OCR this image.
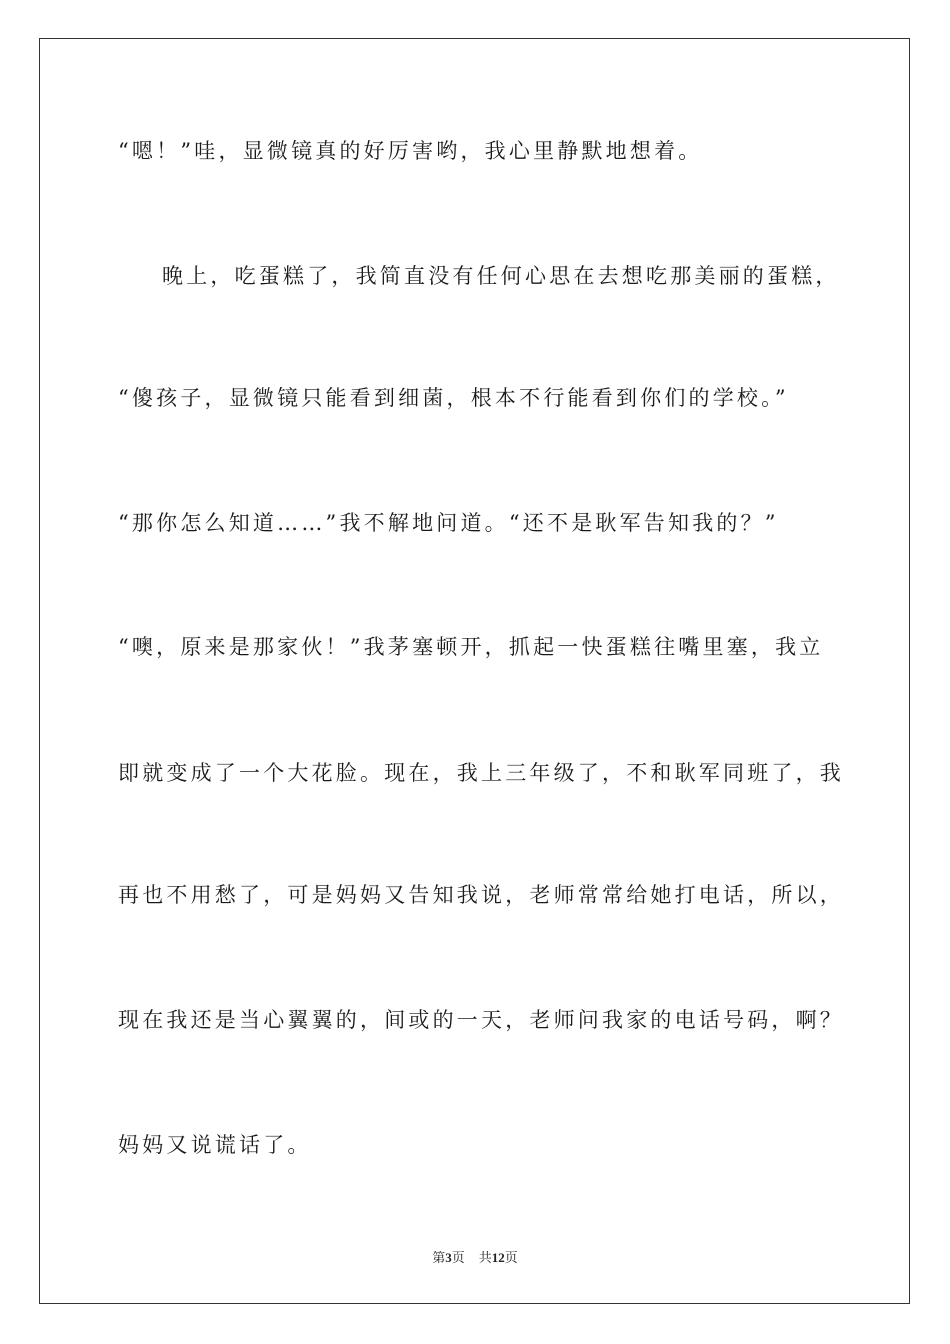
“嗯！”哇，显微镜真的好厉害哟，我心里静默地想着。
晚上，吃蛋糕了，我简直没有任何心思在去想吃那美丽的蛋糕，
“傻孩子，显微镜只能看到细菌，根本不行能看到你们的学校。”
“那你怎么知道……”我不解地问道。“还不是耿军告知我的？”
“噢，原来是那家伙！”我茅塞顿开，抓起一快蛋糕往嘴里塞，我立
即就变成了一个大花脸。现在，我上三年级了，不和耿军同班了，我
再也不用愁了，可是妈妈又告知我说，老师常常给她打电话，所以，
现在我还是当心翼翼的，间或的一天，老师问我家的电话号码，啊？
妈妈又说谎话了。
第3页 共12页
